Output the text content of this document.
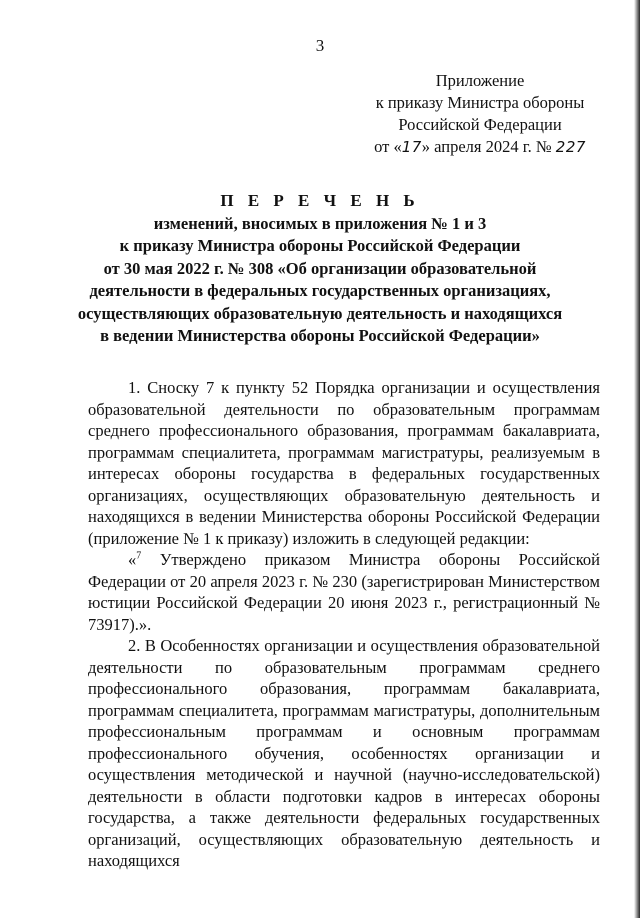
3
Приложение
к приказу Министра обороны
Российской Федерации
от «17» апреля 2024 г. № 227
П Е Р Е Ч Е Н Ь
изменений, вносимых в приложения № 1 и 3
к приказу Министра обороны Российской Федерации
от 30 мая 2022 г. № 308 «Об организации образовательной
деятельности в федеральных государственных организациях,
осуществляющих образовательную деятельность и находящихся
в ведении Министерства обороны Российской Федерации»

1. Сноску 7 к пункту 52 Порядка организации и осуществления образовательной деятельности по образовательным программам среднего профессионального образования, программам бакалавриата, программам специалитета, программам магистратуры, реализуемым в интересах обороны государства в федеральных государственных организациях, осуществляющих образовательную деятельность и находящихся в ведении Министерства обороны Российской Федерации (приложение № 1 к приказу) изложить в следующей редакции:

«$^7$ Утверждено приказом Министра обороны Российской Федерации от 20 апреля 2023 г. № 230 (зарегистрирован Министерством юстиции Российской Федерации 20 июня 2023 г., регистрационный № 73917).».

2. В Особенностях организации и осуществления образовательной деятельности по образовательным программам среднего профессионального образования, программам бакалавриата, программам специалитета, программам магистратуры, дополнительным профессиональным программам и основным программам профессионального обучения, особенностях организации и осуществления методической и научной (научно-исследовательской) деятельности в области подготовки кадров в интересах обороны государства, а также деятельности федеральных государственных организаций, осуществляющих образовательную деятельность и находящихся
